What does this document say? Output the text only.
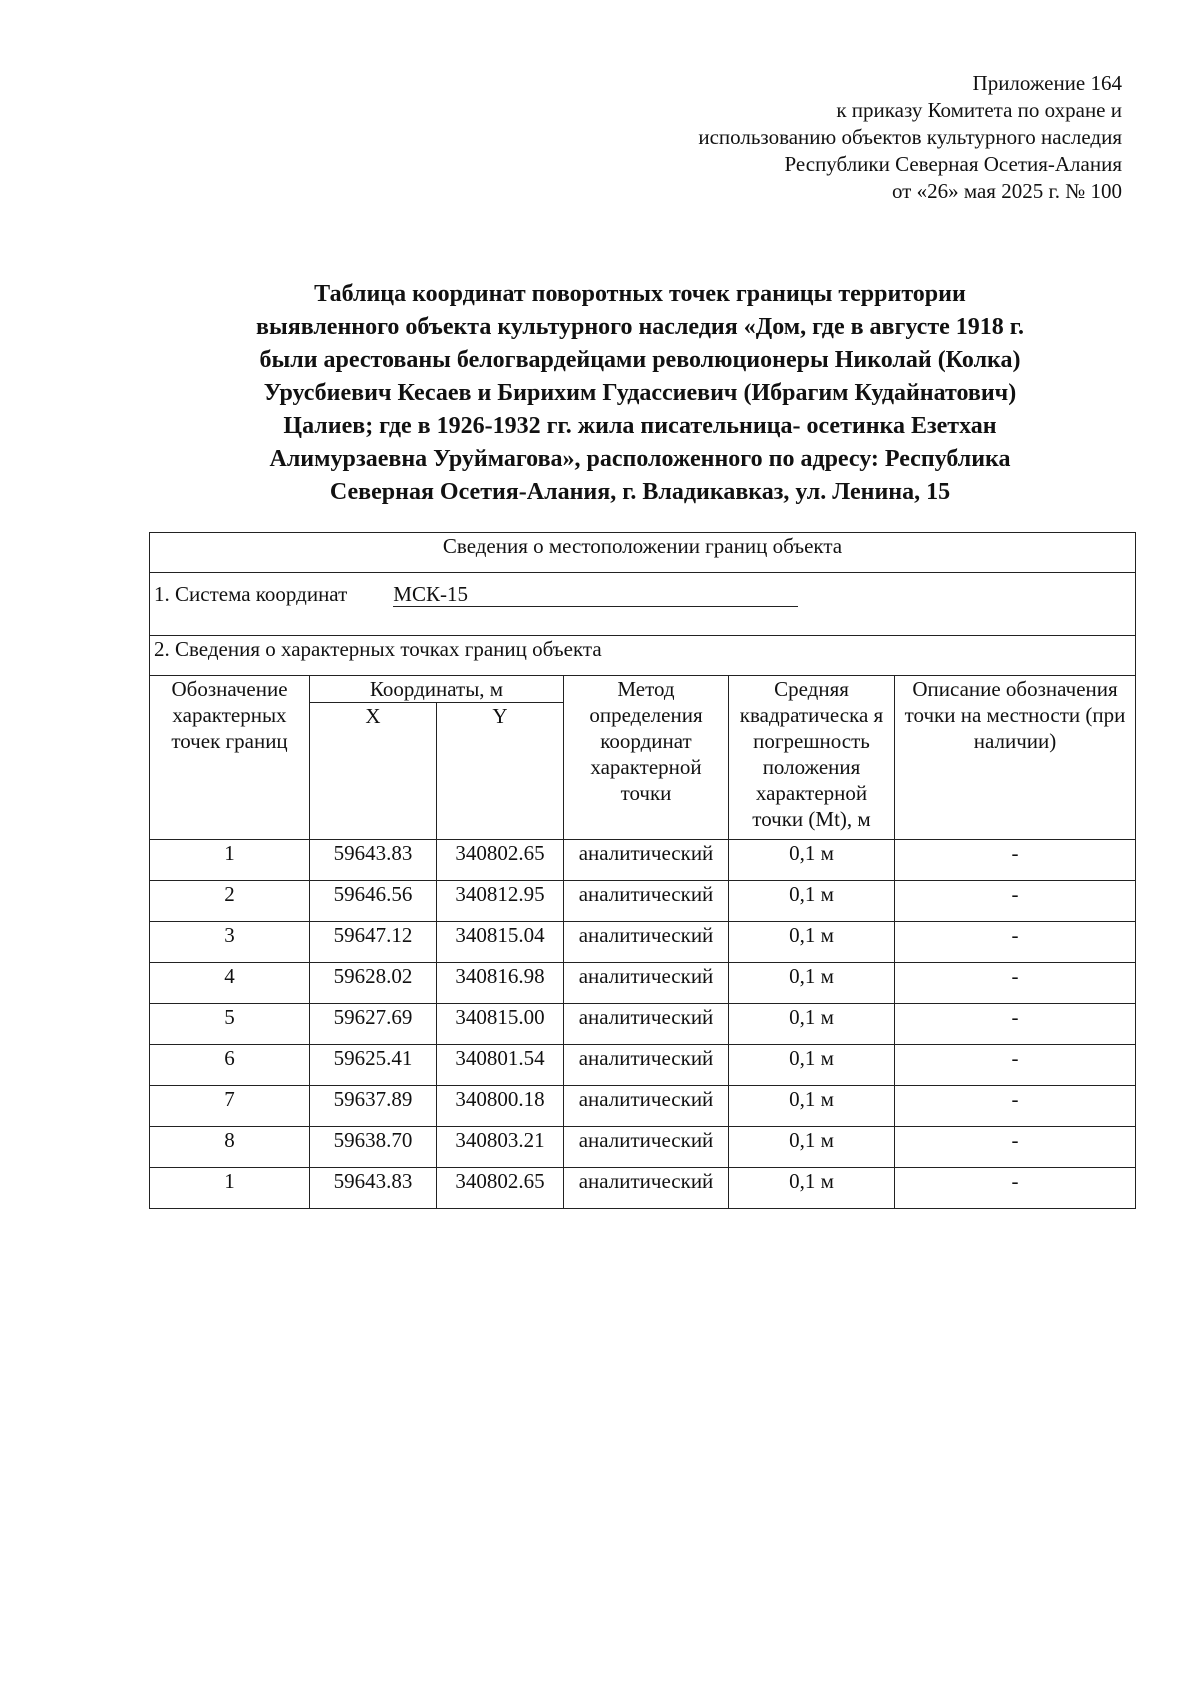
Приложение 164
к приказу Комитета по охране и
использованию объектов культурного наследия
Республики Северная Осетия-Алания
от «26» мая 2025 г. № 100
Таблица координат поворотных точек границы территории
выявленного объекта культурного наследия «Дом, где в августе 1918 г.
были арестованы белогвардейцами революционеры Николай (Колка)
Урусбиевич Кесаев и Бирихим Гудассиевич (Ибрагим Кудайнатович)
Цалиев; где в 1926-1932 гг. жила писательница- осетинка Езетхан
Алимурзаевна Уруймагова», расположенного по адресу: Республика
Северная Осетия-Алания, г. Владикавказ, ул. Ленина, 15
Сведения о местоположении границ объекта					
1. Система координат МСК-15					
2. Сведения о характерных точках границ объекта					
Обозначение характерных точек границ	Координаты, м		Метод определения координат характерной точки	Средняя квадратическа я погрешность положения характерной точки (Mt), м	Описание обозначения точки на местности (при наличии)
	X	Y			
1	59643.83	340802.65	аналитический	0,1 м	-
2	59646.56	340812.95	аналитический	0,1 м	-
3	59647.12	340815.04	аналитический	0,1 м	-
4	59628.02	340816.98	аналитический	0,1 м	-
5	59627.69	340815.00	аналитический	0,1 м	-
6	59625.41	340801.54	аналитический	0,1 м	-
7	59637.89	340800.18	аналитический	0,1 м	-
8	59638.70	340803.21	аналитический	0,1 м	-
1	59643.83	340802.65	аналитический	0,1 м	-
